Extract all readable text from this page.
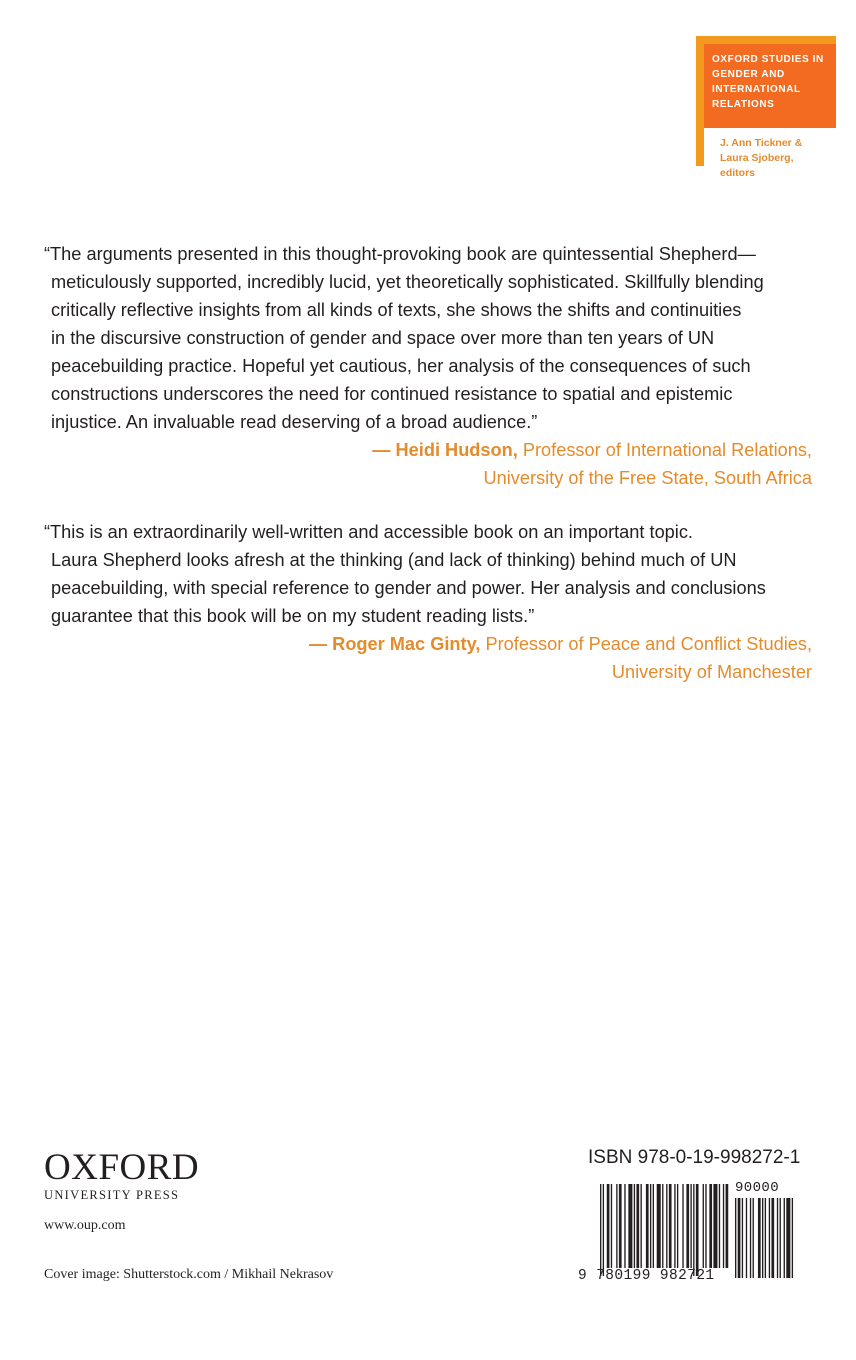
OXFORD STUDIES IN
GENDER AND
INTERNATIONAL
RELATIONS
J. Ann Tickner &
Laura Sjoberg,
editors
“The arguments presented in this thought-provoking book are quintessential Shepherd—
meticulously supported, incredibly lucid, yet theoretically sophisticated. Skillfully blending
critically reflective insights from all kinds of texts, she shows the shifts and continuities
in the discursive construction of gender and space over more than ten years of UN
peacebuilding practice. Hopeful yet cautious, her analysis of the consequences of such
constructions underscores the need for continued resistance to spatial and epistemic
injustice. An invaluable read deserving of a broad audience.”
— Heidi Hudson, Professor of International Relations,
University of the Free State, South Africa
“This is an extraordinarily well-written and accessible book on an important topic.
Laura Shepherd looks afresh at the thinking (and lack of thinking) behind much of UN
peacebuilding, with special reference to gender and power. Her analysis and conclusions
guarantee that this book will be on my student reading lists.”
— Roger Mac Ginty, Professor of Peace and Conflict Studies,
University of Manchester
OXFORD
UNIVERSITY PRESS
www.oup.com
Cover image: Shutterstock.com / Mikhail Nekrasov
ISBN 978-0-19-998272-1
90000
9 780199 982721
